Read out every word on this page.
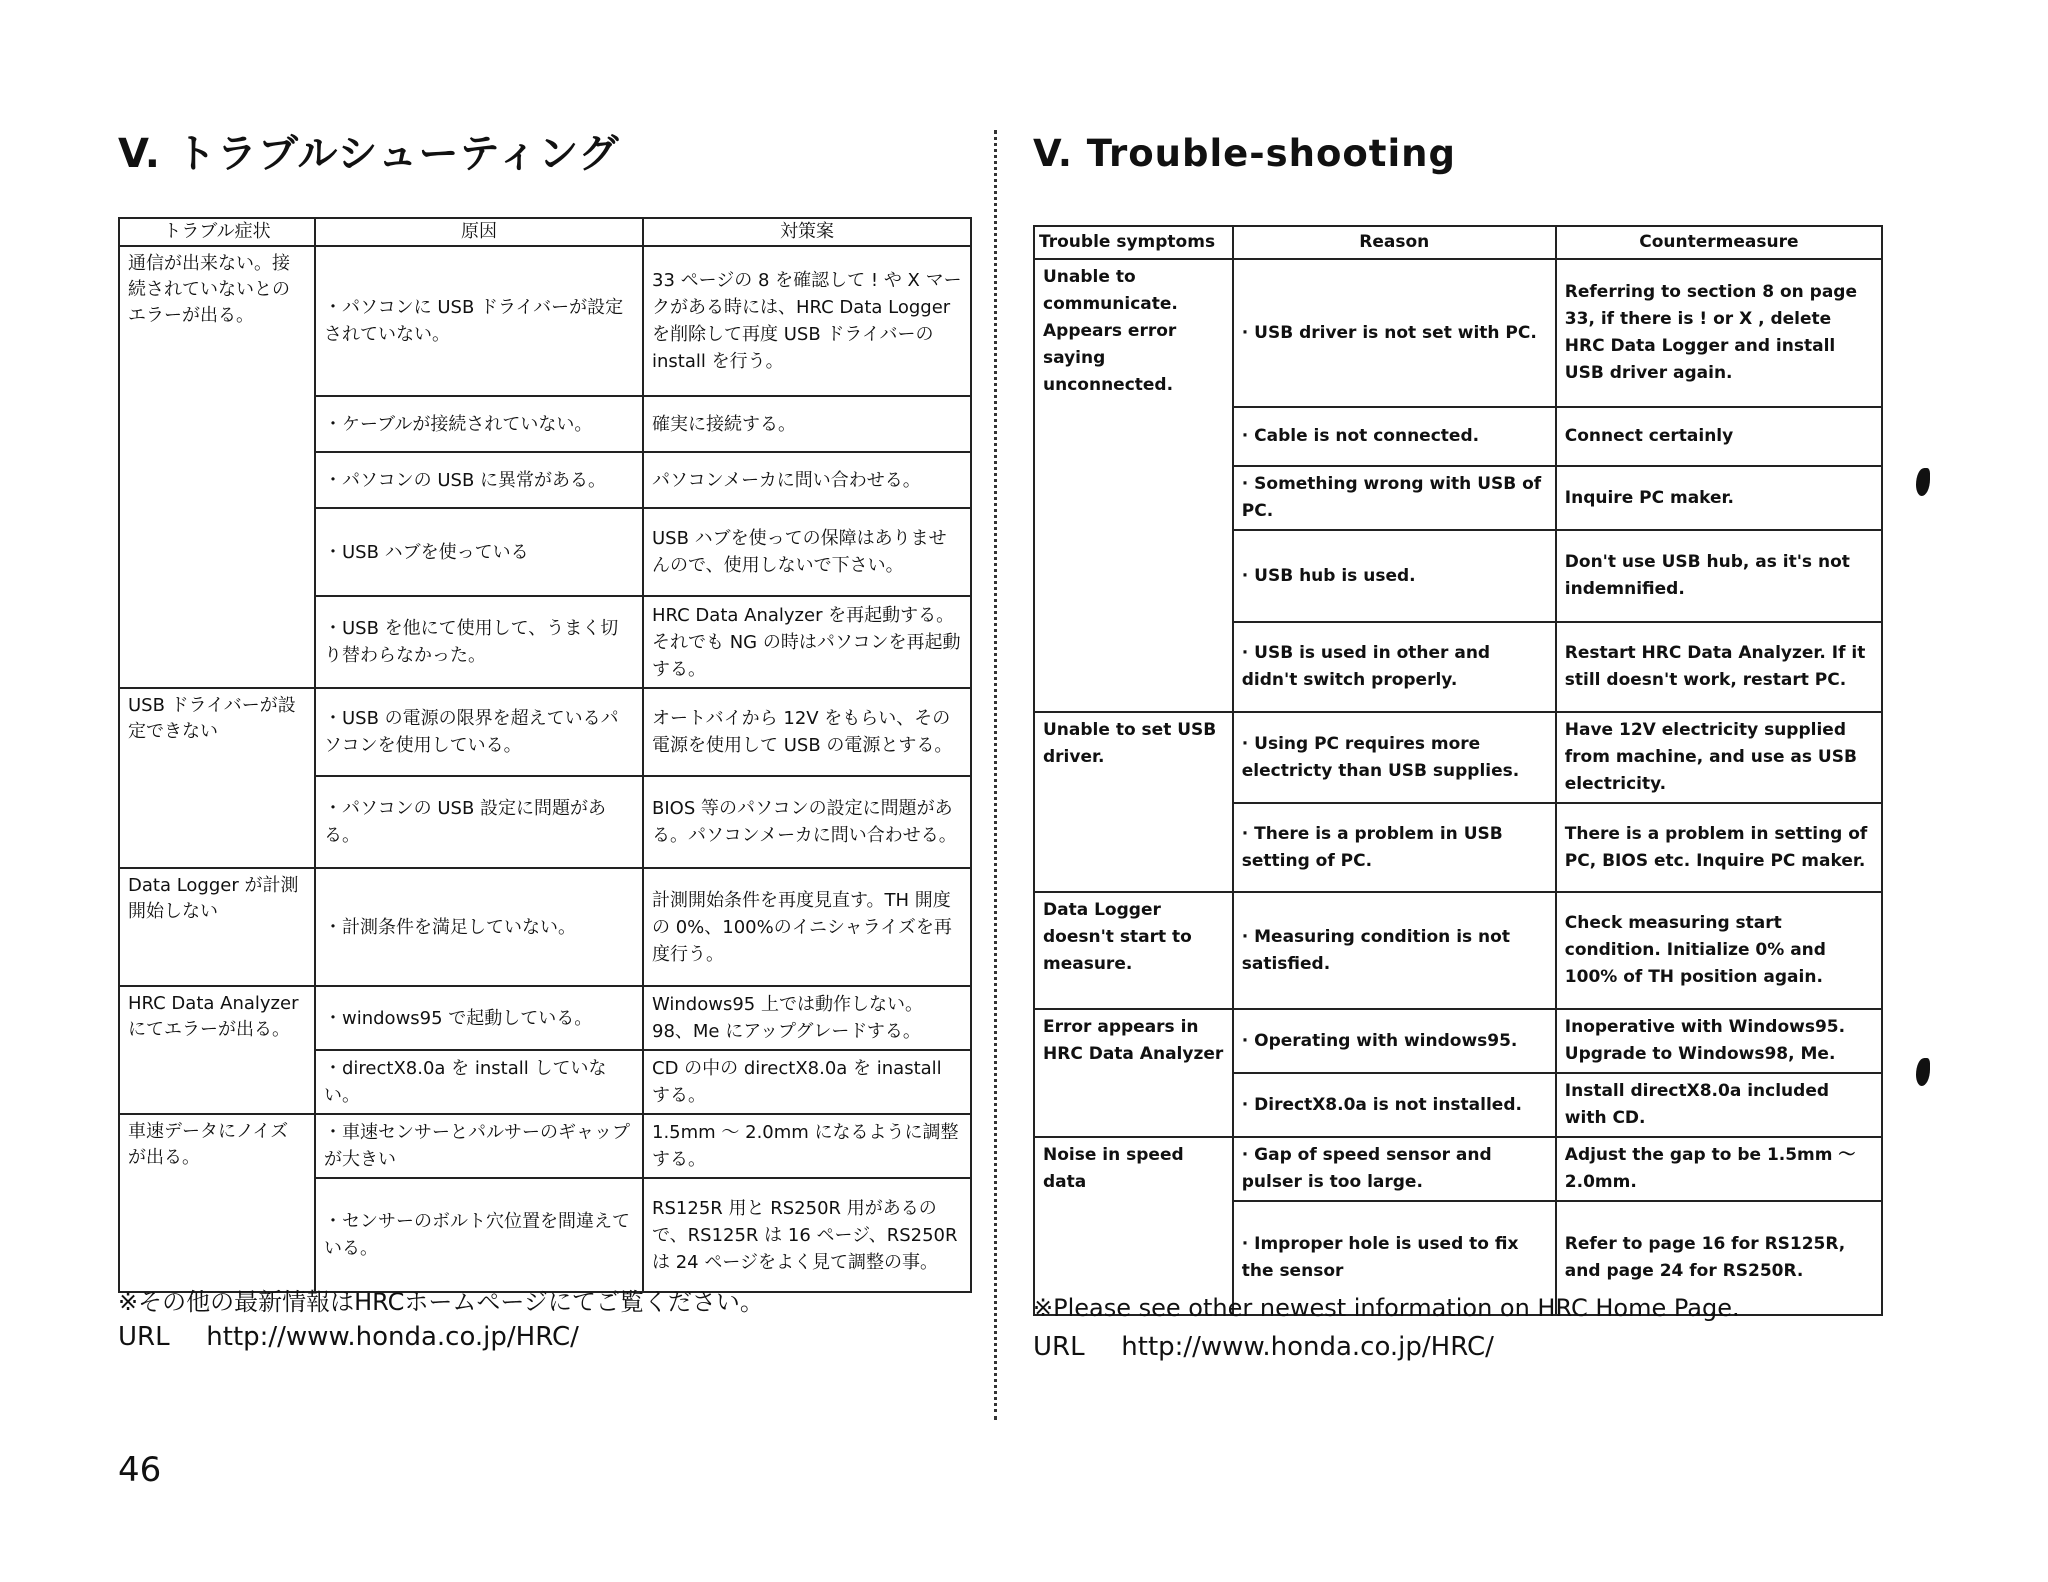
V. トラブルシューティング
トラブル症状	原因	対策案
通信が出来ない。接続されていないとのエラーが出る。	・パソコンに USB ドライバーが設定されていない。	33 ページの 8 を確認して ! や X マークがある時には、HRC Data Logger を削除して再度 USB ドライバーの install を行う。
	・ケーブルが接続されていない。	確実に接続する。
	・パソコンの USB に異常がある。	パソコンメーカに問い合わせる。
	・USB ハブを使っている	USB ハブを使っての保障はありませんので、使用しないで下さい。
	・USB を他にて使用して、うまく切り替わらなかった。	HRC Data Analyzer を再起動する。それでも NG の時はパソコンを再起動する。
USB ドライバーが設定できない	・USB の電源の限界を超えているパソコンを使用している。	オートバイから 12V をもらい、その電源を使用して USB の電源とする。
	・パソコンの USB 設定に問題がある。	BIOS 等のパソコンの設定に問題がある。パソコンメーカに問い合わせる。
Data Logger が計測開始しない	・計測条件を満足していない。	計測開始条件を再度見直す。TH 開度の 0%、100%のイニシャライズを再度行う。
HRC Data Analyzer にてエラーが出る。	・windows95 で起動している。	Windows95 上では動作しない。98、Me にアップグレードする。
	・directX8.0a を install していない。	CD の中の directX8.0a を inastall する。
車速データにノイズが出る。	・車速センサーとパルサーのギャップが大きい	1.5mm ～ 2.0mm になるように調整する。
	・センサーのボルト穴位置を間違えている。	RS125R 用と RS250R 用があるので、RS125R は 16 ページ、RS250R は 24 ページをよく見て調整の事。
※その他の最新情報はHRCホームページにてご覧ください。
URL http://www.honda.co.jp/HRC/
V. Trouble-shooting
Trouble symptoms	Reason	Countermeasure
Unable to communicate. Appears error saying unconnected.	· USB driver is not set with PC.	Referring to section 8 on page 33, if there is ! or X , delete HRC Data Logger and install USB driver again.
	· Cable is not connected.	Connect certainly
	· Something wrong with USB of PC.	Inquire PC maker.
	· USB hub is used.	Don't use USB hub, as it's not indemnified.
	· USB is used in other and didn't switch properly.	Restart HRC Data Analyzer. If it still doesn't work, restart PC.
Unable to set USB driver.	· Using PC requires more electricty than USB supplies.	Have 12V electricity supplied from machine, and use as USB electricity.
	· There is a problem in USB setting of PC.	There is a problem in setting of PC, BIOS etc. Inquire PC maker.
Data Logger doesn't start to measure.	· Measuring condition is not satisfied.	Check measuring start condition. Initialize 0% and 100% of TH position again.
Error appears in HRC Data Analyzer	· Operating with windows95.	Inoperative with Windows95. Upgrade to Windows98, Me.
	· DirectX8.0a is not installed.	Install directX8.0a included with CD.
Noise in speed data	· Gap of speed sensor and pulser is too large.	Adjust the gap to be 1.5mm ～ 2.0mm.
	· Improper hole is used to fix the sensor	Refer to page 16 for RS125R, and page 24 for RS250R.
※Please see other newest information on HRC Home Page.
URL http://www.honda.co.jp/HRC/
46
